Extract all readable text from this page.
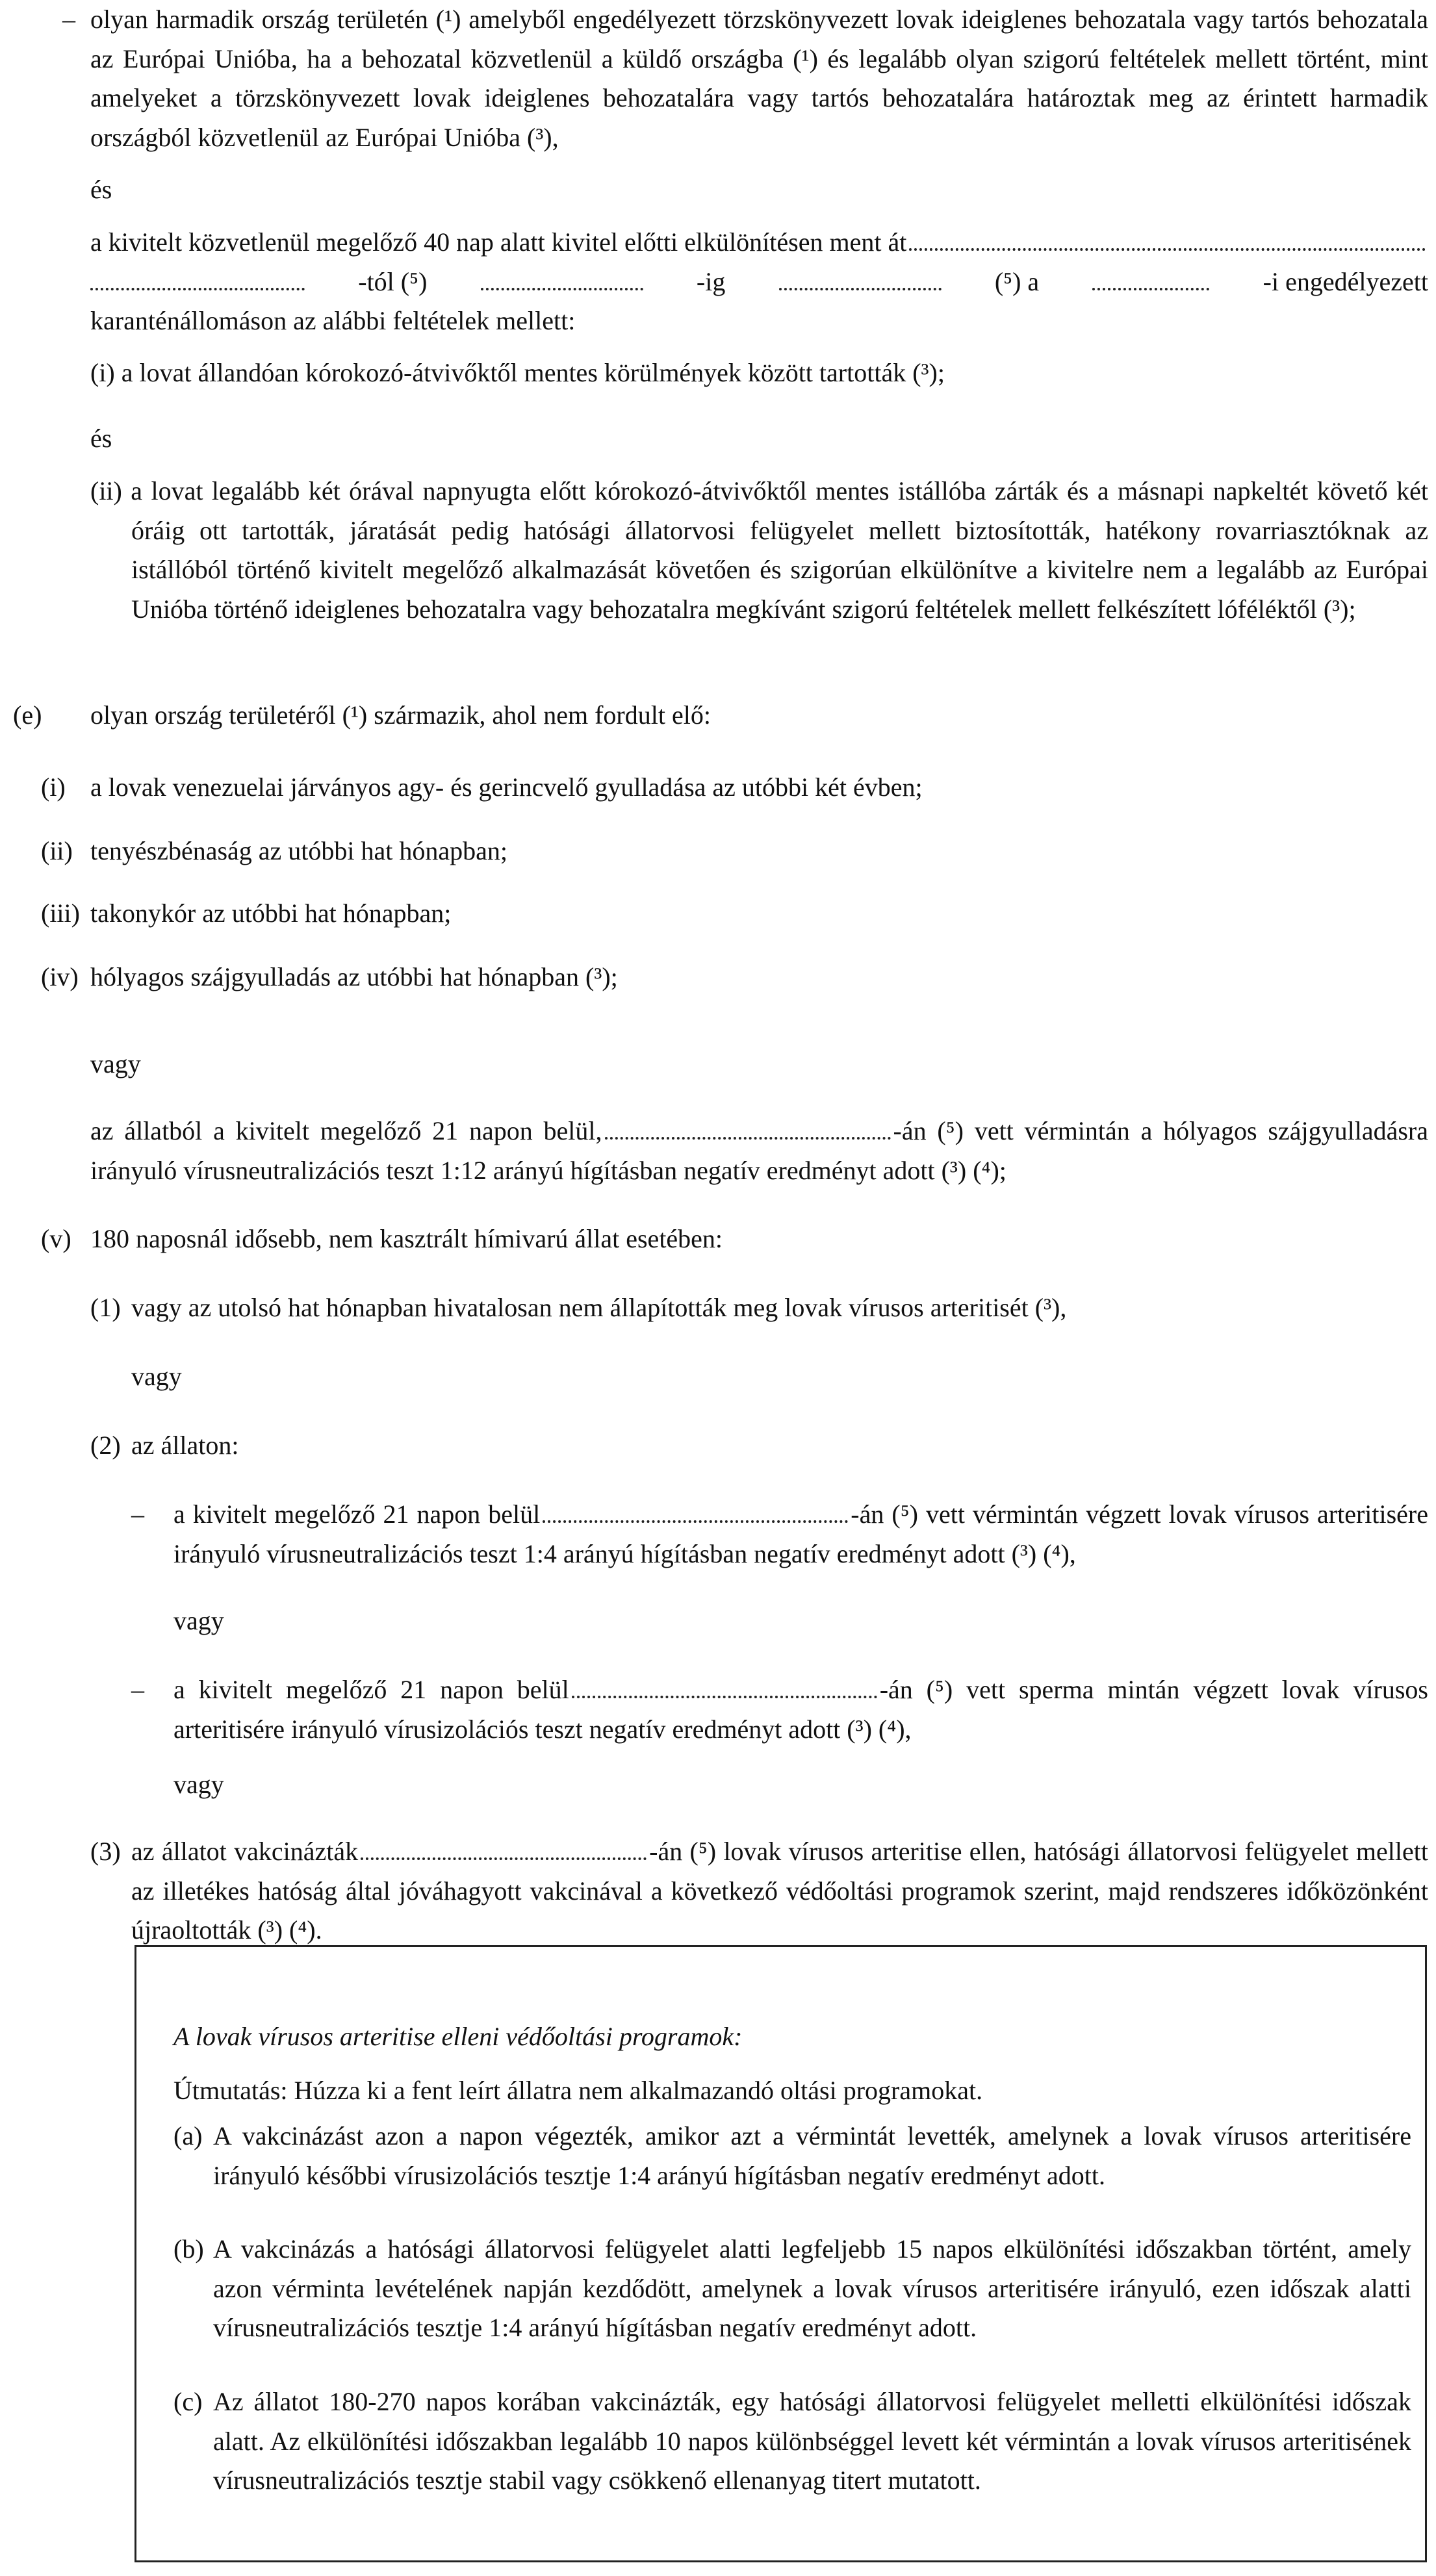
– olyan harmadik ország területén (¹) amelyből engedélyezett törzskönyvezett lovak ideiglenes behozatala vagy tartós behozatala az Európai Unióba, ha a behozatal közvetlenül a küldő országba (¹) és legalább olyan szigorú feltételek mellett történt, mint amelyeket a törzskönyvezett lovak ideiglenes behozatalára vagy tartós behozatalára határoztak meg az érintett harmadik országból közvetlenül az Európai Unióba (³),
és
a kivitelt közvetlenül megelőző 40 nap alatt kivitel előtti elkülönítésen ment át
-tól (⁵)	-ig	(⁵) a	-i engedélyezett
karanténállomáson az alábbi feltételek mellett:
(i) a lovat állandóan kórokozó-átvivőktől mentes körülmények között tartották (³);
és
(ii) a lovat legalább két órával napnyugta előtt kórokozó-átvivőktől mentes istállóba zárták és a másnapi napkeltét követő két óráig ott tartották, járatását pedig hatósági állatorvosi felügyelet mellett biztosították, hatékony rovarriasztóknak az istállóból történő kivitelt megelőző alkalmazását követően és szigorúan elkülönítve a kivitelre nem a legalább az Európai Unióba történő ideiglenes behozatalra vagy behozatalra megkívánt szigorú feltételek mellett felkészített lóféléktől (³);
(e) olyan ország területéről (¹) származik, ahol nem fordult elő:
(i) a lovak venezuelai járványos agy- és gerincvelő gyulladása az utóbbi két évben;
(ii) tenyészbénaság az utóbbi hat hónapban;
(iii) takonykór az utóbbi hat hónapban;
(iv) hólyagos szájgyulladás az utóbbi hat hónapban (³);
vagy
az állatból a kivitelt megelőző 21 napon belül,	-án (⁵) vett vérmintán a hólyagos szájgyulladásra irányuló vírusneutralizációs teszt 1:12 arányú hígításban negatív eredményt adott (³) (⁴);
(v) 180 naposnál idősebb, nem kasztrált hímivarú állat esetében:
(1) vagy az utolsó hat hónapban hivatalosan nem állapították meg lovak vírusos arteritisét (³),
vagy
(2) az állaton:
– a kivitelt megelőző 21 napon belül	-án (⁵) vett vérmintán végzett lovak vírusos arteritisére irányuló vírusneutralizációs teszt 1:4 arányú hígításban negatív eredményt adott (³) (⁴),
vagy
– a kivitelt megelőző 21 napon belül	-án (⁵) vett sperma mintán végzett lovak vírusos arteritisére irányuló vírusizolációs teszt negatív eredményt adott (³) (⁴),
vagy
(3) az állatot vakcinázták	-án (⁵) lovak vírusos arteritise ellen, hatósági állatorvosi felügyelet mellett az illetékes hatóság által jóváhagyott vakcinával a következő védőoltási programok szerint, majd rendszeres időközönként újraoltották (³) (⁴).
A lovak vírusos arteritise elleni védőoltási programok:
Útmutatás: Húzza ki a fent leírt állatra nem alkalmazandó oltási programokat.
(a) A vakcinázást azon a napon végezték, amikor azt a vérmintát levették, amelynek a lovak vírusos arteritisére irányuló későbbi vírusizolációs tesztje 1:4 arányú hígításban negatív eredményt adott.
(b) A vakcinázás a hatósági állatorvosi felügyelet alatti legfeljebb 15 napos elkülönítési időszakban történt, amely azon vérminta levételének napján kezdődött, amelynek a lovak vírusos arteritisére irányuló, ezen időszak alatti vírusneutralizációs tesztje 1:4 arányú hígításban negatív eredményt adott.
(c) Az állatot 180-270 napos korában vakcinázták, egy hatósági állatorvosi felügyelet melletti elkülönítési időszak alatt. Az elkülönítési időszakban legalább 10 napos különbséggel levett két vérmintán a lovak vírusos arteritisének vírusneutralizációs tesztje stabil vagy csökkenő ellenanyag titert mutatott.
